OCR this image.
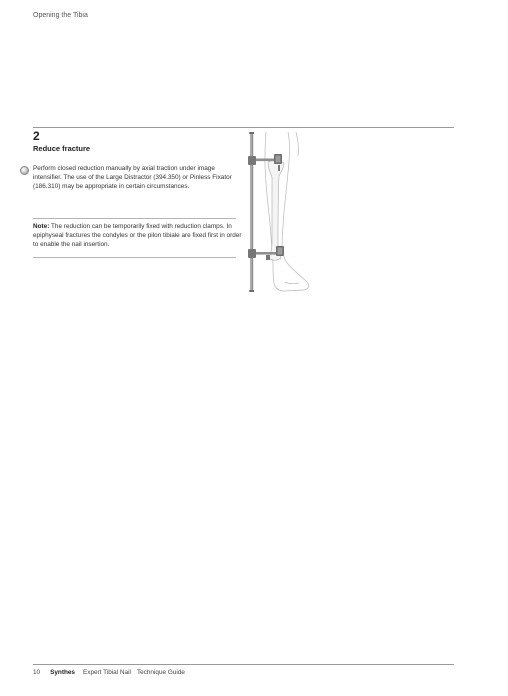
Opening the Tibia
2
Reduce fracture
Perform closed reduction manually by axial traction under image intensifier. The use of the Large Distractor (394.350) or Pinless Fixator (186.310) may be appropriate in certain circumstances.
Note: The reduction can be temporarily fixed with reduction clamps. In epiphyseal fractures the condyles or the pilon tibiale are fixed first in order to enable the nail insertion.
10 Synthes Expert Tibial Nail Technique Guide
